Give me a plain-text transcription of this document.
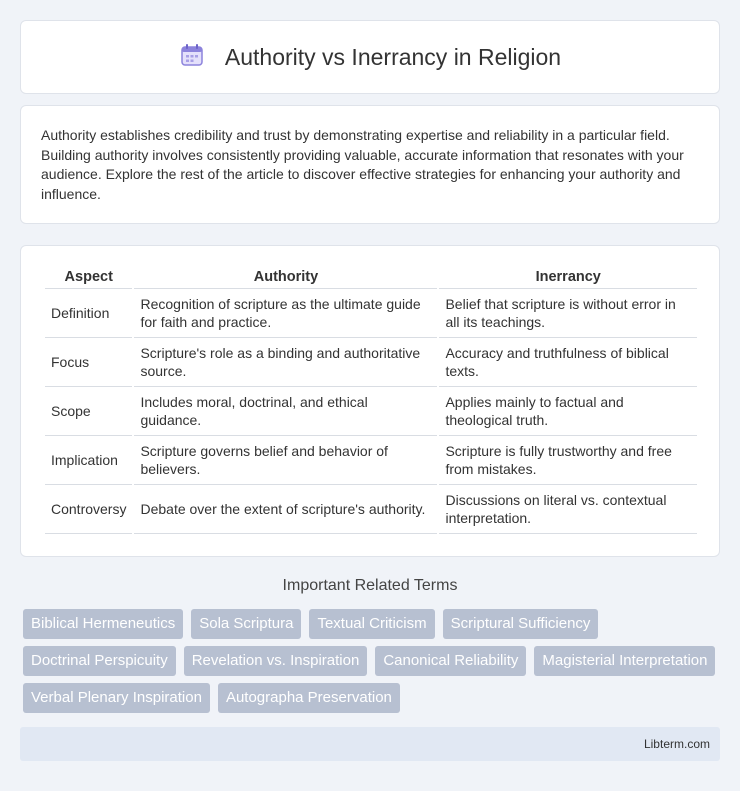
Authority vs Inerrancy in Religion

Authority establishes credibility and trust by demonstrating expertise and reliability in a particular field. Building authority involves consistently providing valuable, accurate information that resonates with your audience. Explore the rest of the article to discover effective strategies for enhancing your authority and influence.

Aspect	Authority	Inerrancy
Definition	Recognition of scripture as the ultimate guide for faith and practice.	Belief that scripture is without error in all its teachings.
Focus	Scripture's role as a binding and authoritative source.	Accuracy and truthfulness of biblical texts.
Scope	Includes moral, doctrinal, and ethical guidance.	Applies mainly to factual and theological truth.
Implication	Scripture governs belief and behavior of believers.	Scripture is fully trustworthy and free from mistakes.
Controversy	Debate over the extent of scripture's authority.	Discussions on literal vs. contextual interpretation.
Important Related Terms
Biblical Hermeneutics	Sola Scriptura	Textual Criticism	Scriptural Sufficiency
Doctrinal Perspicuity	Revelation vs. Inspiration	Canonical Reliability	Magisterial Interpretation
Verbal Plenary Inspiration	Autographa Preservation
Libterm.com
